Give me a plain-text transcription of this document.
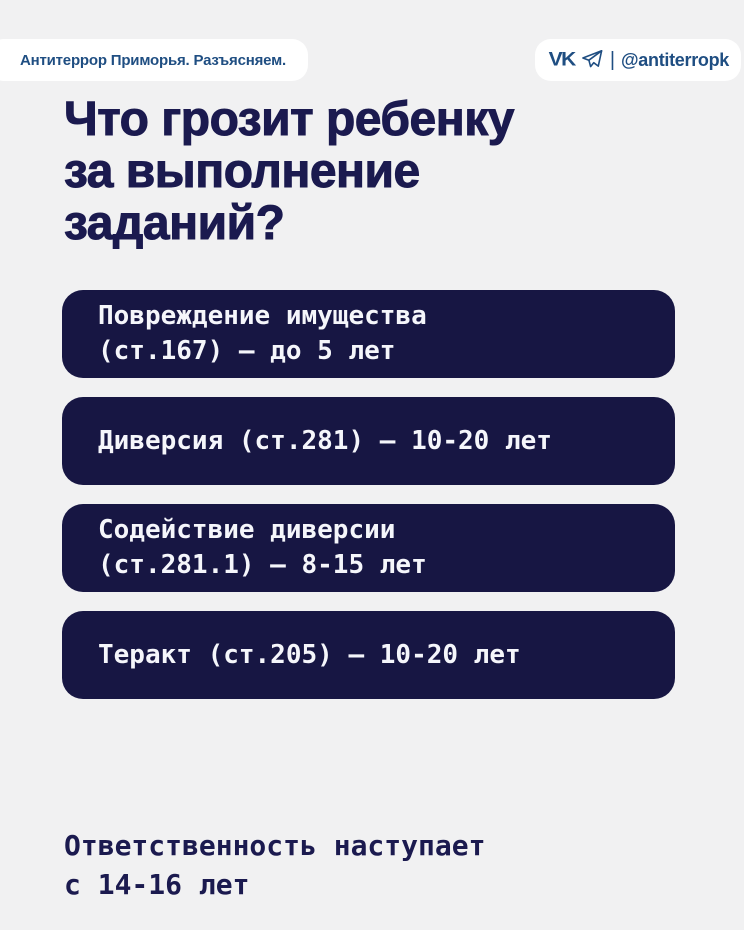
Антитеррор Приморья. Разъясняем.	VK | @antiterropk
Что грозит ребенку
за выполнение
заданий?
Повреждение имущества
(ст.167) — до 5 лет
Диверсия (ст.281) — 10-20 лет
Содействие диверсии
(ст.281.1) — 8-15 лет
Теракт (ст.205) — 10-20 лет
Ответственность наступает
с 14-16 лет
